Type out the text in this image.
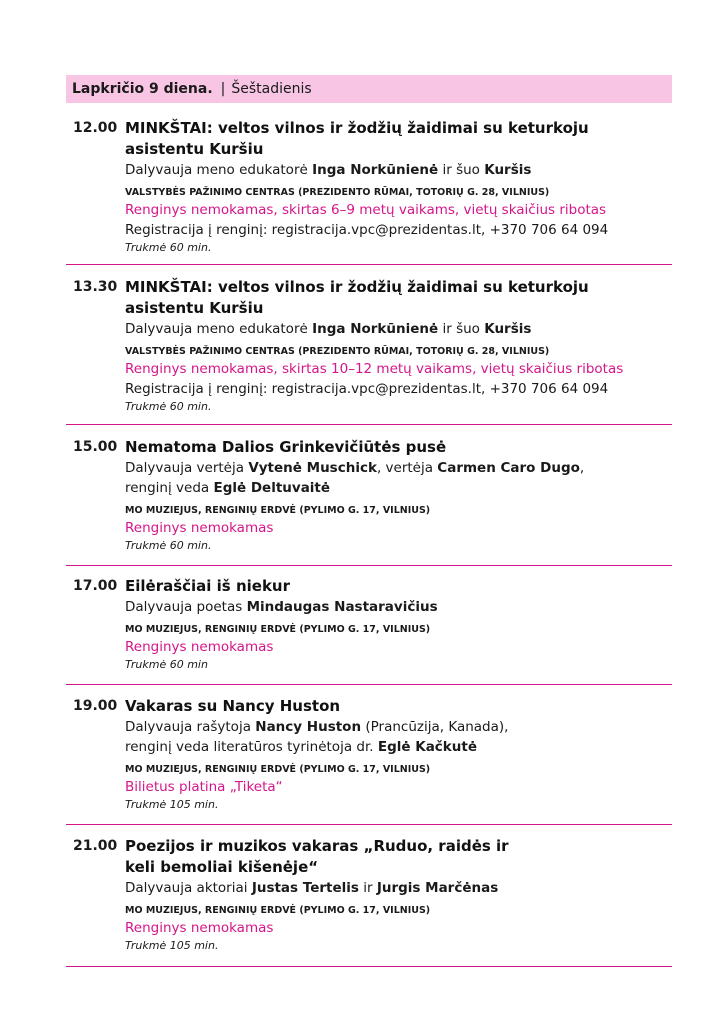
Lapkričio 9 diena. | Šeštadienis
12.00 MINKŠTAI: veltos vilnos ir žodžių žaidimai su keturkoju
asistentu Kuršiu
Dalyvauja meno edukatorė Inga Norkūnienė ir šuo Kuršis
VALSTYBĖS PAŽINIMO CENTRAS (PREZIDENTO RŪMAI, TOTORIŲ G. 28, VILNIUS)
Renginys nemokamas, skirtas 6–9 metų vaikams, vietų skaičius ribotas
Registracija į renginį: registracija.vpc@prezidentas.lt, +370 706 64 094
Trukmė 60 min.
13.30 MINKŠTAI: veltos vilnos ir žodžių žaidimai su keturkoju
asistentu Kuršiu
Dalyvauja meno edukatorė Inga Norkūnienė ir šuo Kuršis
VALSTYBĖS PAŽINIMO CENTRAS (PREZIDENTO RŪMAI, TOTORIŲ G. 28, VILNIUS)
Renginys nemokamas, skirtas 10–12 metų vaikams, vietų skaičius ribotas
Registracija į renginį: registracija.vpc@prezidentas.lt, +370 706 64 094
Trukmė 60 min.
15.00 Nematoma Dalios Grinkevičiūtės pusė
Dalyvauja vertėja Vytenė Muschick, vertėja Carmen Caro Dugo,
renginį veda Eglė Deltuvaitė
MO MUZIEJUS, RENGINIŲ ERDVĖ (PYLIMO G. 17, VILNIUS)
Renginys nemokamas
Trukmė 60 min.
17.00 Eilėraščiai iš niekur
Dalyvauja poetas Mindaugas Nastaravičius
MO MUZIEJUS, RENGINIŲ ERDVĖ (PYLIMO G. 17, VILNIUS)
Renginys nemokamas
Trukmė 60 min
19.00 Vakaras su Nancy Huston
Dalyvauja rašytoja Nancy Huston (Prancūzija, Kanada),
renginį veda literatūros tyrinėtoja dr. Eglė Kačkutė
MO MUZIEJUS, RENGINIŲ ERDVĖ (PYLIMO G. 17, VILNIUS)
Bilietus platina „Tiketa“
Trukmė 105 min.
21.00 Poezijos ir muzikos vakaras „Ruduo, raidės ir
keli bemoliai kišenėje“
Dalyvauja aktoriai Justas Tertelis ir Jurgis Marčėnas
MO MUZIEJUS, RENGINIŲ ERDVĖ (PYLIMO G. 17, VILNIUS)
Renginys nemokamas
Trukmė 105 min.
